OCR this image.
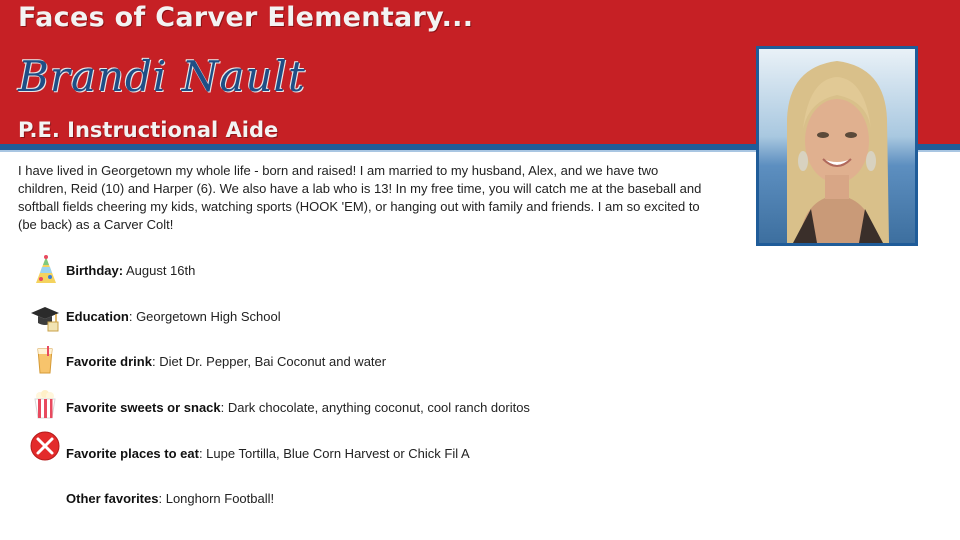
Faces of Carver Elementary...
Brandi Nault
P.E. Instructional Aide
I have lived in Georgetown my whole life - born and raised! I am married to my husband, Alex, and we have two children, Reid (10) and Harper (6). We also have a lab who is 13! In my free time, you will catch me at the baseball and softball fields cheering my kids, watching sports (HOOK 'EM), or hanging out with family and friends. I am so excited to (be back) as a Carver Colt!
Birthday: August 16th
Education: Georgetown High School
Favorite drink: Diet Dr. Pepper, Bai Coconut and water
Favorite sweets or snack: Dark chocolate, anything coconut, cool ranch doritos
Favorite places to eat: Lupe Tortilla, Blue Corn Harvest or Chick Fil A
Other favorites: Longhorn Football!
